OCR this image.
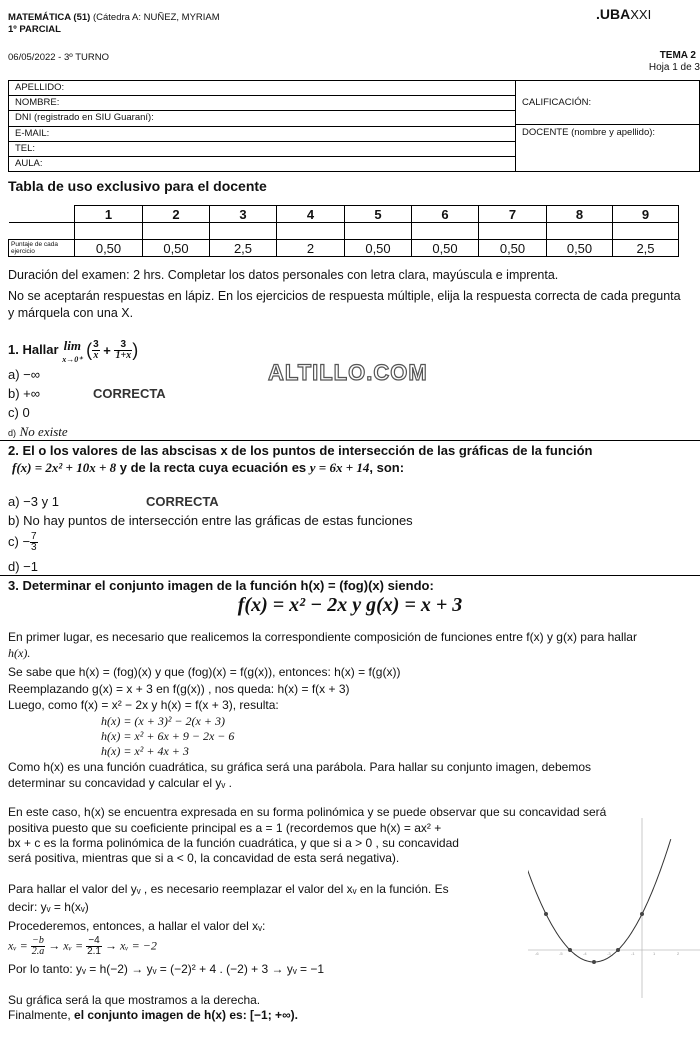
MATEMÁTICA (51) (Cátedra A: NUÑEZ, MYRIAM
1º PARCIAL
.UBAXXI
06/05/2022 - 3º TURNO	TEMA 2
Hoja 1 de 3
APELLIDO:
NOMBRE:
DNI (registrado en SIU Guaraní):
E-MAIL:
TEL:
AULA:
CALIFICACIÓN:
DOCENTE (nombre y apellido):
Tabla de uso exclusivo para el docente
	1	2	3	4	5	6	7	8	9

Puntaje de cada ejercicio	0,50	0,50	2,5	2	0,50	0,50	0,50	0,50	2,5
Duración del examen: 2 hrs. Completar los datos personales con letra clara, mayúscula e imprenta.
No se aceptarán respuestas en lápiz. En los ejercicios de respuesta múltiple, elija la respuesta correcta de cada pregunta y márquela con una X.
1. Hallar lim
x→0⁺ ( $\frac{3}{x} + \frac{3}{1+x}$ )
a) −∞
b) +∞	CORRECTA
c) 0
d) No existe
ALTILLO.COM
2. El o los valores de las abscisas x de los puntos de intersección de las gráficas de la función
f(x) = 2x² + 10x + 8 y de la recta cuya ecuación es y = 6x + 14, son:
a) −3 y 1	CORRECTA
b) No hay puntos de intersección entre las gráficas de estas funciones
$c) - \frac{7}{3}$
d) −1
3. Determinar el conjunto imagen de la función h(x) = (fog)(x) siendo:
f(x) = x² − 2x y g(x) = x + 3
En primer lugar, es necesario que realicemos la correspondiente composición de funciones entre f(x) y g(x) para hallar
h(x).
Se sabe que h(x) = (fog)(x) y que (fog)(x) = f(g(x)), entonces: h(x) = f(g(x))
Reemplazando g(x) = x + 3 en f(g(x)) , nos queda: h(x) = f(x + 3)
Luego, como f(x) = x² − 2x y h(x) = f(x + 3), resulta:
h(x) = (x + 3)² − 2(x + 3)
h(x) = x² + 6x + 9 − 2x − 6
h(x) = x² + 4x + 3
Como h(x) es una función cuadrática, su gráfica será una parábola. Para hallar su conjunto imagen, debemos
determinar su concavidad y calcular el yᵥ .
En este caso, h(x) se encuentra expresada en su forma polinómica y se puede observar que su concavidad será
positiva puesto que su coeficiente principal es a = 1 (recordemos que h(x) = ax² +
bx + c es la forma polinómica de la función cuadrática, y que si a > 0 , su concavidad
será positiva, mientras que si a < 0, la concavidad de esta será negativa).
Para hallar el valor del yᵥ , es necesario reemplazar el valor del xᵥ en la función. Es
decir: yᵥ = h(xᵥ)
Procederemos, entonces, a hallar el valor del xᵥ:
xᵥ = $\frac{-b}{2.a}$ → xᵥ = $\frac{-4}{2.1}$ → xᵥ = −2
Por lo tanto: yᵥ = h(−2) → yᵥ = (−2)² + 4 . (−2) + 3 → yᵥ = −1
Su gráfica será la que mostramos a la derecha.
Finalmente, el conjunto imagen de h(x) es: [−1; +∞).
-6	-5	-4	-3	-1	1	2
